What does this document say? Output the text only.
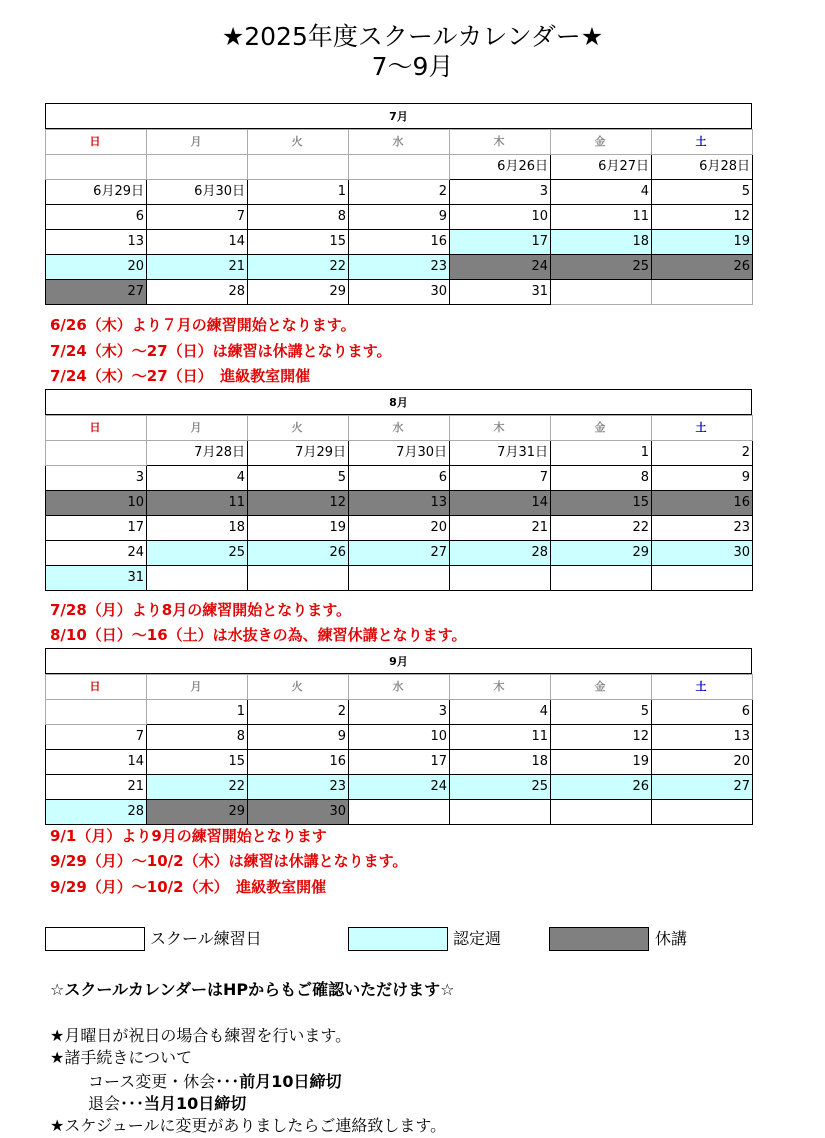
★2025年度スクールカレンダー★
7〜9月
7月
日	月	火	水	木	金	土
				6月26日	6月27日	6月28日
6月29日	6月30日	1	2	3	4	5
6	7	8	9	10	11	12
13	14	15	16	17	18	19
20	21	22	23	24	25	26
27	28	29	30	31		
6/26（木）より７月の練習開始となります。
7/24（木）〜27（日）は練習は休講となります。
7/24（木）〜27（日）　進級教室開催
8月
日	月	火	水	木	金	土
	7月28日	7月29日	7月30日	7月31日	1	2
3	4	5	6	7	8	9
10	11	12	13	14	15	16
17	18	19	20	21	22	23
24	25	26	27	28	29	30
31						
7/28（月）より8月の練習開始となります。
8/10（日）〜16（土）は水抜きの為、練習休講となります。
9月
日	月	火	水	木	金	土
	1	2	3	4	5	6
7	8	9	10	11	12	13
14	15	16	17	18	19	20
21	22	23	24	25	26	27
28	29	30				
9/1（月）より9月の練習開始となります
9/29（月）〜10/2（木）は練習は休講となります。
9/29（月）〜10/2（木）　進級教室開催
スクール練習日	認定週	休講
☆スクールカレンダーはHPからもご確認いただけます☆
★月曜日が祝日の場合も練習を行います。
★諸手続きについて
コース変更・休会･･･前月10日締切
退会･･･当月10日締切
★スケジュールに変更がありましたらご連絡致します。
